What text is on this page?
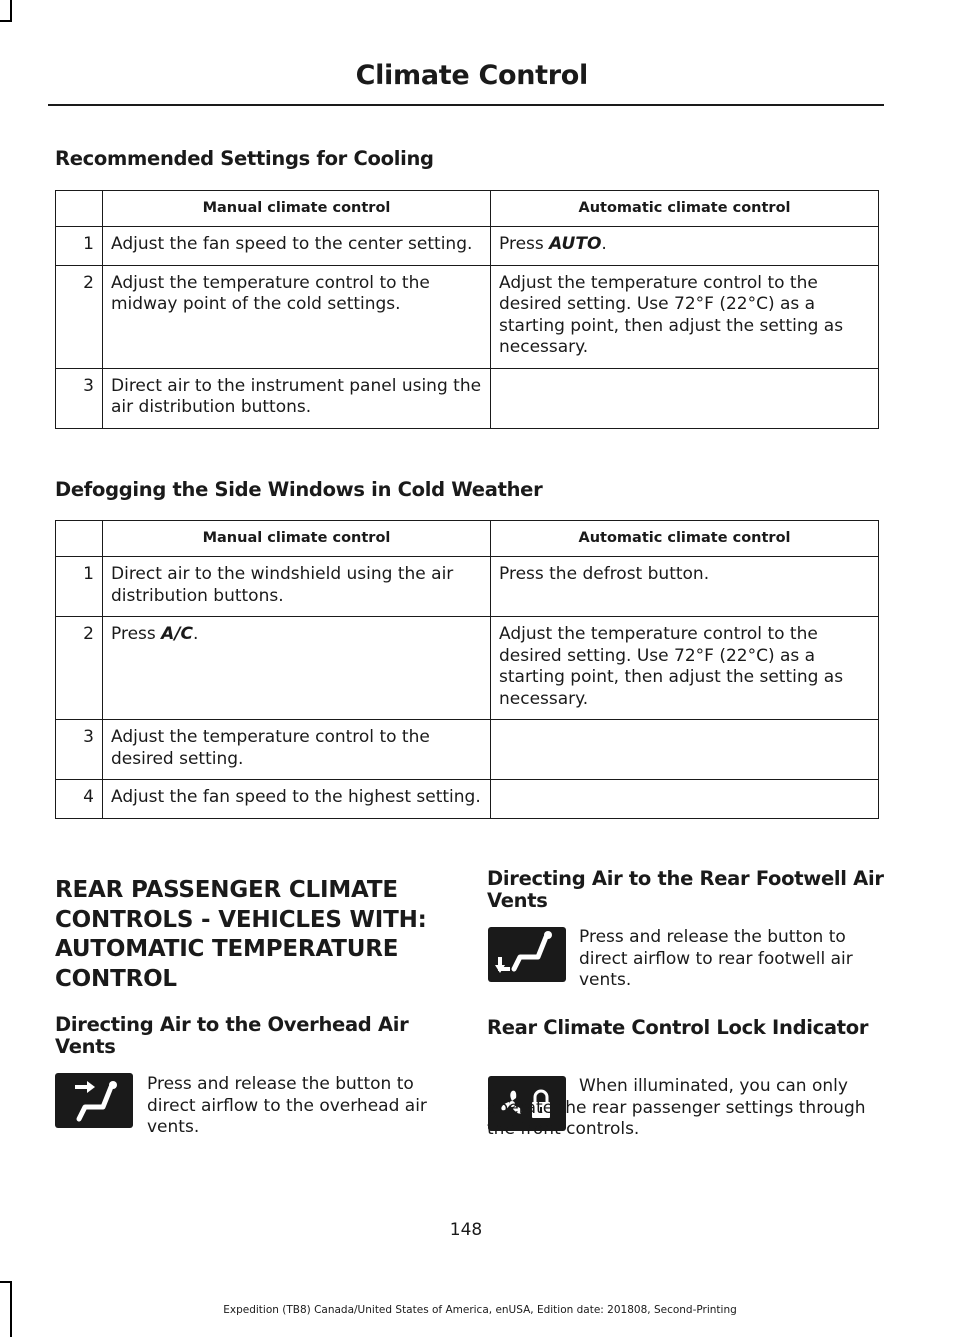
Climate Control
Recommended Settings for Cooling
	Manual climate control	Automatic climate control
1	Adjust the fan speed to the center setting.	Press AUTO.
2	Adjust the temperature control to the midway point of the cold settings.	Adjust the temperature control to the desired setting. Use 72°F (22°C) as a starting point, then adjust the setting as necessary.
3	Direct air to the instrument panel using the air distribution buttons.	
Defogging the Side Windows in Cold Weather
	Manual climate control	Automatic climate control
1	Direct air to the windshield using the air distribution buttons.	Press the defrost button.
2	Press A/C.	Adjust the temperature control to the desired setting. Use 72°F (22°C) as a starting point, then adjust the setting as necessary.
3	Adjust the temperature control to the desired setting.	
4	Adjust the fan speed to the highest setting.	
REAR PASSENGER CLIMATE CONTROLS - VEHICLES WITH: AUTOMATIC TEMPERATURE CONTROL
Directing Air to the Overhead Air Vents

Press and release the button to direct airflow to the overhead air vents.

Directing Air to the Rear Footwell Air Vents

Press and release the button to direct airflow to rear footwell air vents.

Rear Climate Control Lock Indicator

When illuminated, you can only operate the rear passenger settings through the front controls.

148
Expedition (TB8) Canada/United States of America, enUSA, Edition date: 201808, Second-Printing
